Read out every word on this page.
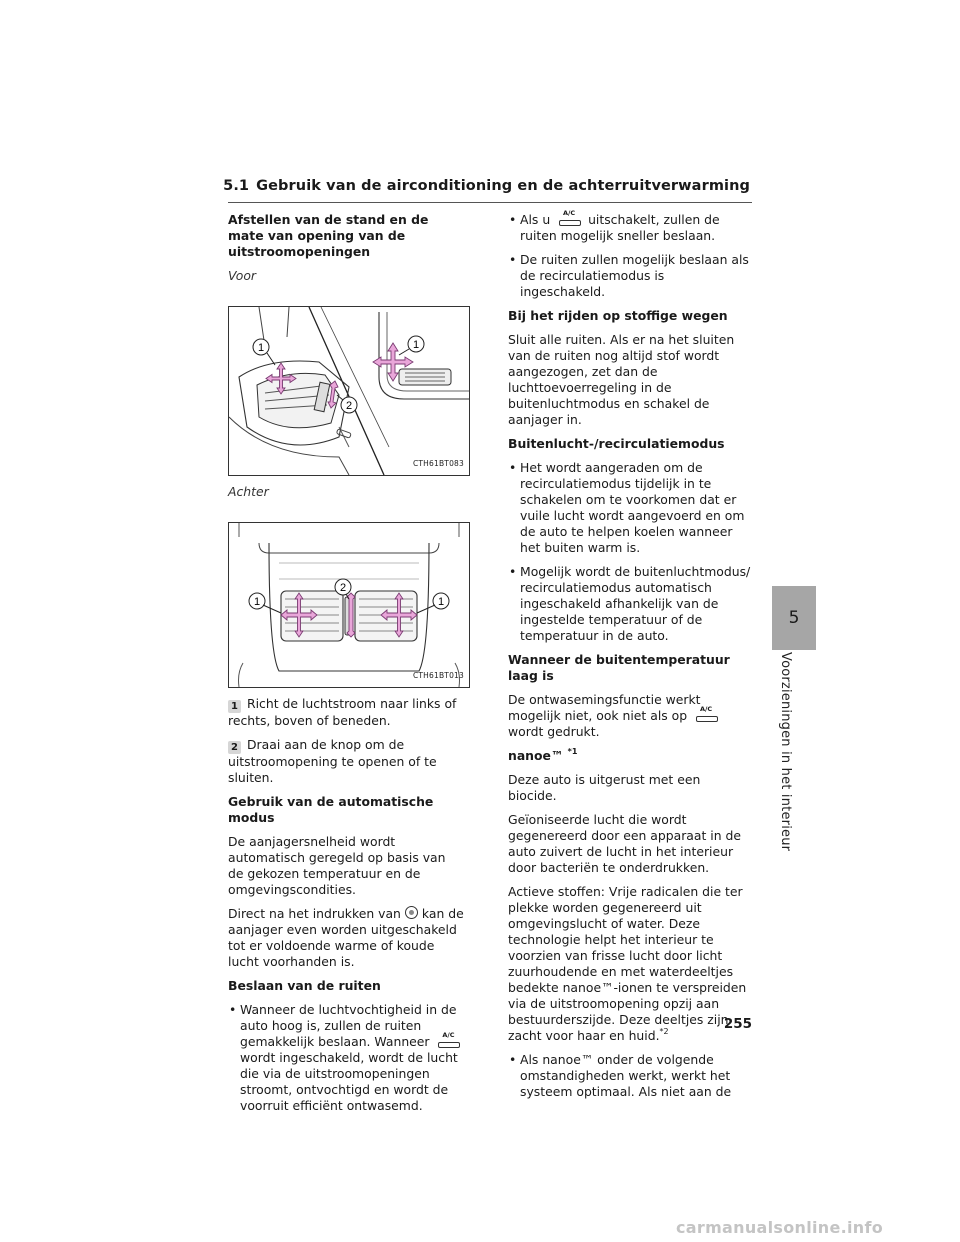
5.1 Gebruik van de airconditioning en de achterruitverwarming
Afstellen van de stand en de mate van opening van de uitstroomopeningen

Voor

1	1
2
CTH61BT083

Achter

1	1
2
CTH61BT013

1 Richt de luchtstroom naar links of rechts, boven of beneden.

2 Draai aan de knop om de uitstroomopening te openen of te sluiten.

Gebruik van de automatische modus

De aanjagersnelheid wordt automatisch geregeld op basis van de gekozen temperatuur en de omgevingscondities.

Direct na het indrukken van kan de aanjager even worden uitgeschakeld tot er voldoende warme of koude lucht voorhanden is.

Beslaan van de ruiten
• Wanneer de luchtvochtigheid in de auto hoog is, zullen de ruiten gemakkelijk beslaan. Wanneer	A/C
wordt ingeschakeld, wordt de lucht die via de uitstroomopeningen stroomt, ontvochtigd en wordt de voorruit efficiënt ontwasemd.
• Als u	A/C	uitschakelt, zullen de ruiten mogelijk sneller beslaan.
• De ruiten zullen mogelijk beslaan als de recirculatiemodus is ingeschakeld.
Bij het rijden op stoffige wegen

Sluit alle ruiten. Als er na het sluiten van de ruiten nog altijd stof wordt aangezogen, zet dan de luchttoevoerregeling in de buitenluchtmodus en schakel de aanjager in.

Buitenlucht-/recirculatiemodus
• Het wordt aangeraden om de recirculatiemodus tijdelijk in te schakelen om te voorkomen dat er vuile lucht wordt aangevoerd en om de auto te helpen koelen wanneer het buiten warm is.
• Mogelijk wordt de buitenluchtmodus/ recirculatiemodus automatisch ingeschakeld afhankelijk van de ingestelde temperatuur of de temperatuur in de auto.
Wanneer de buitentemperatuur laag is

De ontwasemingsfunctie werkt mogelijk niet, ook niet als op	A/C
wordt gedrukt.

nanoe™ $^{*1}$

Deze auto is uitgerust met een biocide.

Geïoniseerde lucht die wordt gegenereerd door een apparaat in de auto zuivert de lucht in het interieur door bacteriën te onderdrukken.

Actieve stoffen: Vrije radicalen die ter plekke worden gegenereerd uit omgevingslucht of water. Deze technologie helpt het interieur te voorzien van frisse lucht door licht zuurhoudende en met waterdeeltjes bedekte nanoe™-ionen te verspreiden via de uitstroomopening opzij aan bestuurderszijde. Deze deeltjes zijn zacht voor haar en huid.$^{*2}$

• Als nanoe™ onder de volgende omstandigheden werkt, werkt het systeem optimaal. Als niet aan de
5
Voorzieningen in het interieur
255
carmanualsonline.info
